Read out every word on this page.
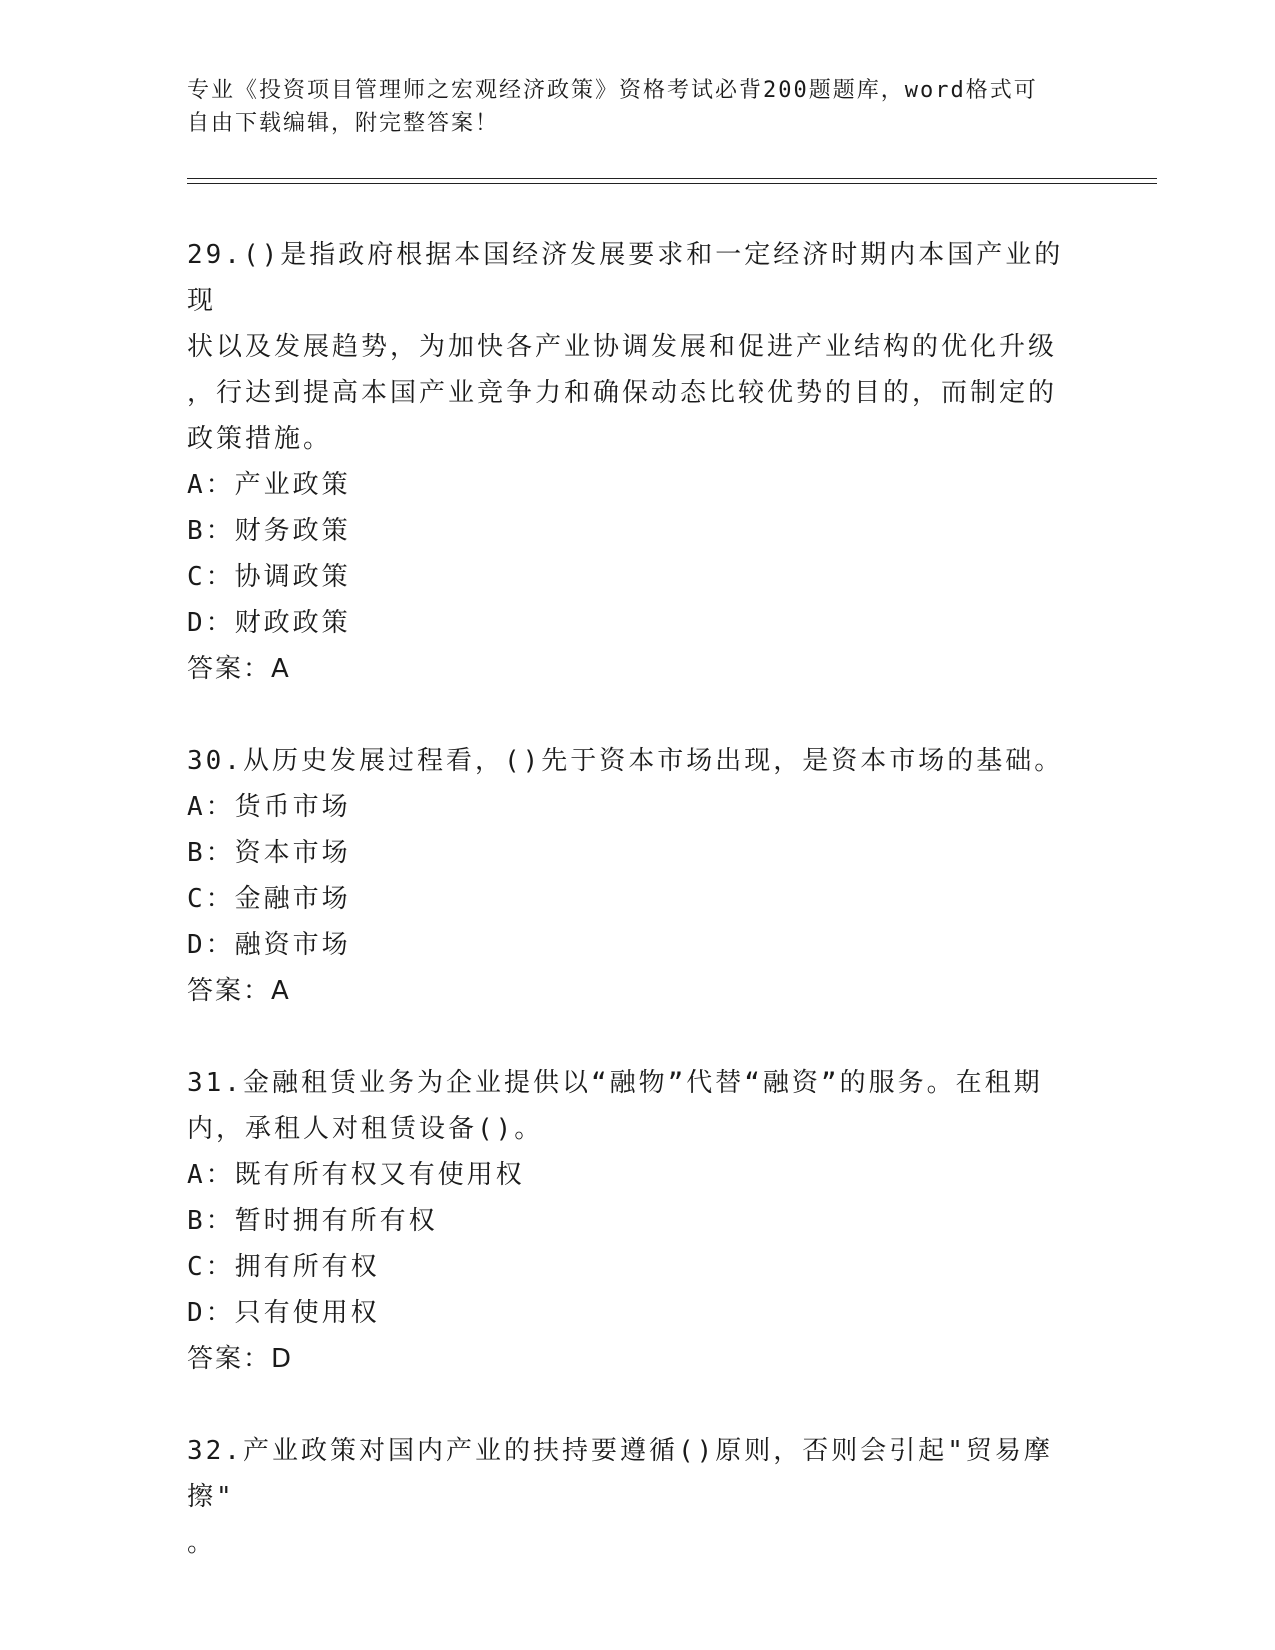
专业《投资项目管理师之宏观经济政策》资格考试必背200题题库，word格式可
自由下载编辑，附完整答案！

29.()是指政府根据本国经济发展要求和一定经济时期内本国产业的现

状以及发展趋势，为加快各产业协调发展和促进产业结构的优化升级

，行达到提高本国产业竞争力和确保动态比较优势的目的，而制定的

政策措施。

A：产业政策

B：财务政策

C：协调政策

D：财政政策

答案：A

30.从历史发展过程看，()先于资本市场出现，是资本市场的基础。

A：货币市场

B：资本市场

C：金融市场

D：融资市场

答案：A

31.金融租赁业务为企业提供以“融物”代替“融资”的服务。在租期

内，承租人对租赁设备()。

A：既有所有权又有使用权

B：暂时拥有所有权

C：拥有所有权

D：只有使用权

答案：D

32.产业政策对国内产业的扶持要遵循()原则，否则会引起"贸易摩擦"

。
